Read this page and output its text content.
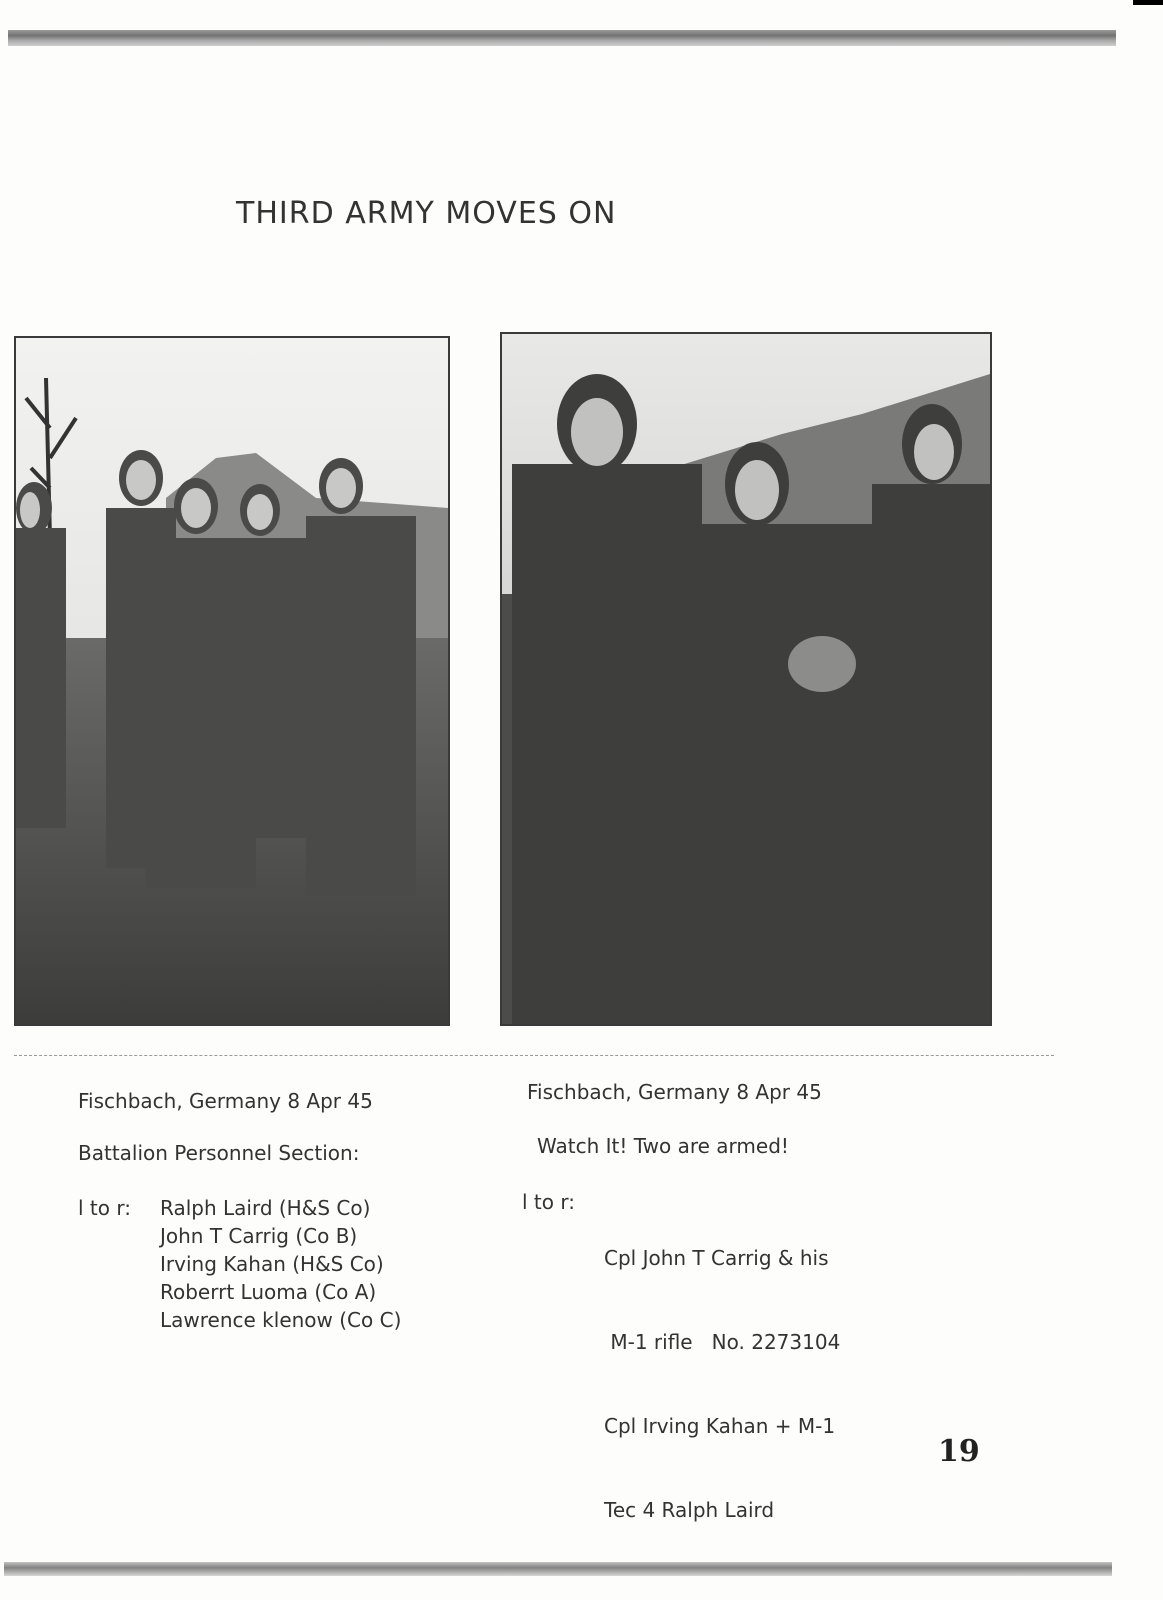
THIRD ARMY MOVES ON
Fischbach, Germany 8 Apr 45
Battalion Personnel Section:
l to r: Ralph Laird (H&S Co)
John T Carrig (Co B)
Irving Kahan (H&S Co)
Roberrt Luoma (Co A)
Lawrence klenow (Co C)
Fischbach, Germany 8 Apr 45
Watch It! Two are armed!
l to r:

Cpl John T Carrig & his

M-1 rifle   No. 2273104

Cpl Irving Kahan + M-1

Tec 4 Ralph Laird

19
